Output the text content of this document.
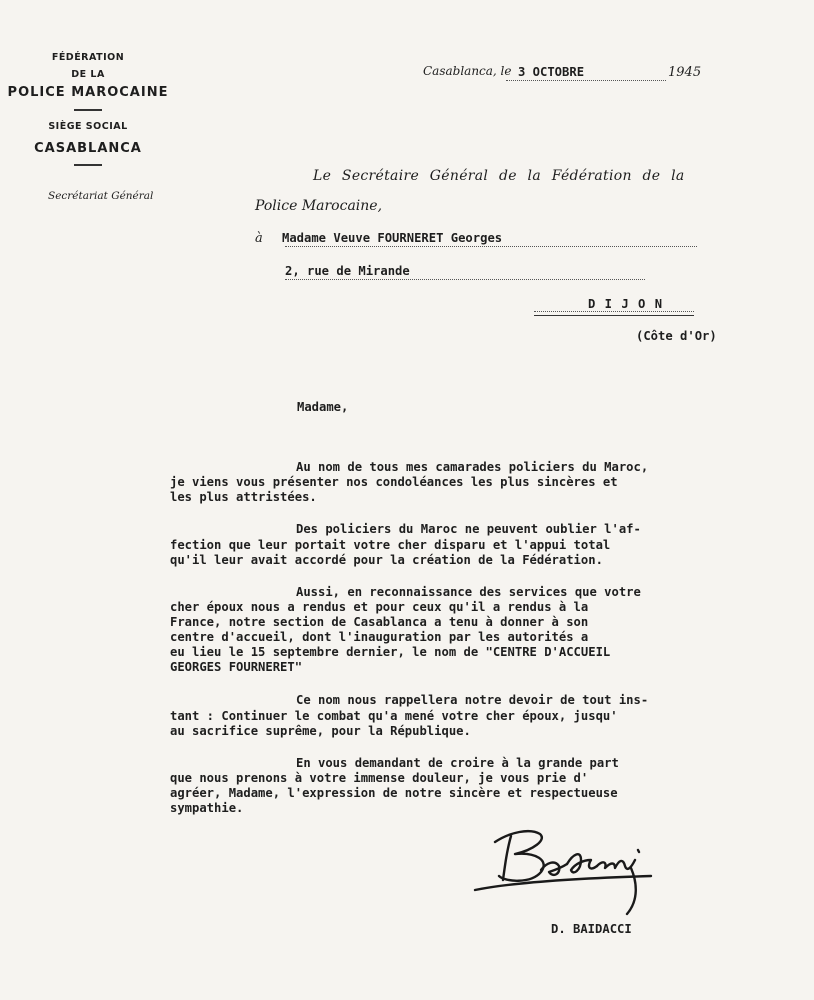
FÉDÉRATION
DE LA
POLICE MAROCAINE
SIÈGE SOCIAL
CASABLANCA
Secrétariat Général
Casablanca, le 3 OCTOBRE	1945
Le Secrétaire Général de la Fédération de la
Police Marocaine,
à Madame Veuve FOURNERET Georges
2, rue de Mirande
D I J O N
(Côte d'Or)
Madame,
Au nom de tous mes camarades policiers du Maroc,
je viens vous présenter nos condoléances les plus sincères et
les plus attristées.
Des policiers du Maroc ne peuvent oublier l'af-
fection que leur portait votre cher disparu et l'appui total
qu'il leur avait accordé pour la création de la Fédération.
Aussi, en reconnaissance des services que votre
cher époux nous a rendus et pour ceux qu'il a rendus à la
France, notre section de Casablanca a tenu à donner à son
centre d'accueil, dont l'inauguration par les autorités a
eu lieu le 15 septembre dernier, le nom de "CENTRE D'ACCUEIL
GEORGES FOURNERET"
Ce nom nous rappellera notre devoir de tout ins-
tant : Continuer le combat qu'a mené votre cher époux, jusqu'
au sacrifice suprême, pour la République.
En vous demandant de croire à la grande part
que nous prenons à votre immense douleur, je vous prie d'
agréer, Madame, l'expression de notre sincère et respectueuse
sympathie.
D. BAIDACCI
